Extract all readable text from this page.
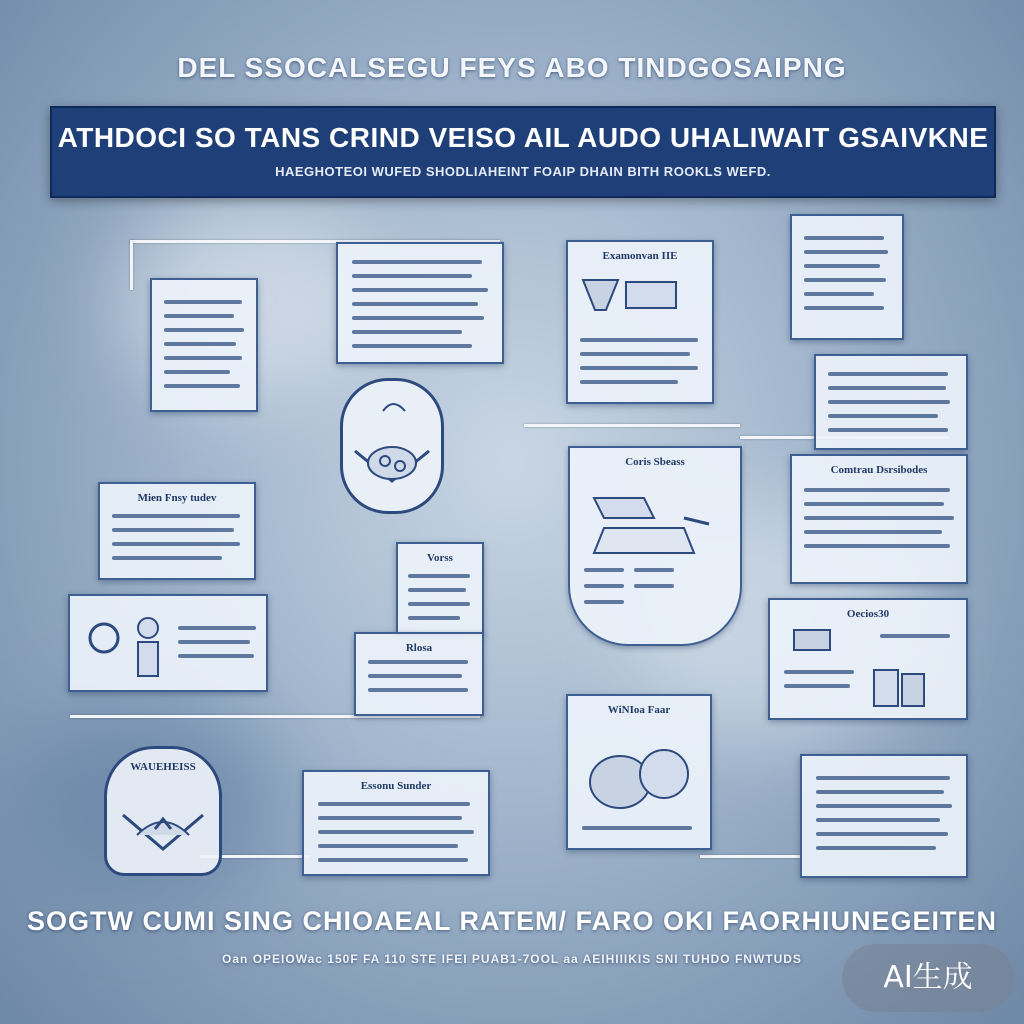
DEL SSOCALSEGU FEYS ABO TINDGOSAIPNG
ATHDOCI SO TANS CRIND VEISO AIL AUDO UHALIWAIT GSAIVKNE
HAEGHOTEOI WUFED SHODLIAHEINT FOAIP DHAIN BITH ROOKLS WEFD.
Examonvan IIE
Mien Fnsy tudev
Vorss
Coris Sbeass
Comtrau Dsrsibodes
Oecios30
WiNIoa Faar
Essonu Sunder
Rlosa
WAUEHEISS
SOGTW CUMI SING CHIOAEAL RATEM/ FARO OKI FAORHIUNEGEITEN
Oan OPEIOWac 150F FA 110 STE IFEI PUAB1-7OOL aa AEIHIIIKIS SNI TUHDO FNWTUDS
AI生成
